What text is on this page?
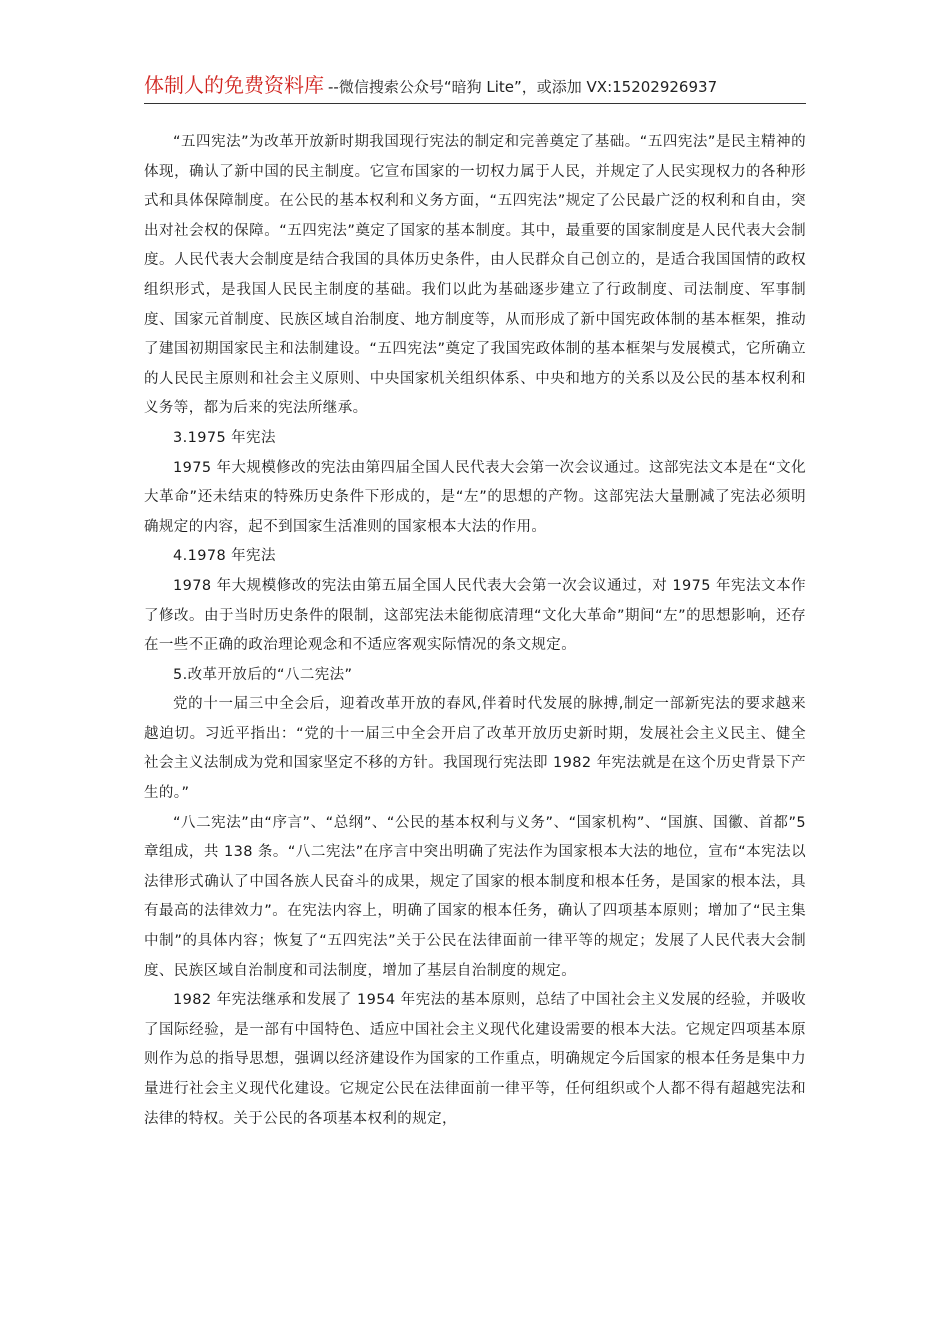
体制人的免费资料库 --微信搜索公众号“暗狗 Lite”，或添加 VX:15202926937

“五四宪法”为改革开放新时期我国现行宪法的制定和完善奠定了基础。“五四宪法”是民主精神的体现，确认了新中国的民主制度。它宣布国家的一切权力属于人民，并规定了人民实现权力的各种形式和具体保障制度。在公民的基本权利和义务方面，“五四宪法”规定了公民最广泛的权利和自由，突出对社会权的保障。“五四宪法”奠定了国家的基本制度。其中，最重要的国家制度是人民代表大会制度。人民代表大会制度是结合我国的具体历史条件，由人民群众自己创立的，是适合我国国情的政权组织形式，是我国人民民主制度的基础。我们以此为基础逐步建立了行政制度、司法制度、军事制度、国家元首制度、民族区域自治制度、地方制度等，从而形成了新中国宪政体制的基本框架，推动了建国初期国家民主和法制建设。“五四宪法”奠定了我国宪政体制的基本框架与发展模式，它所确立的人民民主原则和社会主义原则、中央国家机关组织体系、中央和地方的关系以及公民的基本权利和义务等，都为后来的宪法所继承。

3.1975 年宪法

1975 年大规模修改的宪法由第四届全国人民代表大会第一次会议通过。这部宪法文本是在“文化大革命”还未结束的特殊历史条件下形成的，是“左”的思想的产物。这部宪法大量删减了宪法必须明确规定的内容，起不到国家生活准则的国家根本大法的作用。

4.1978 年宪法

1978 年大规模修改的宪法由第五届全国人民代表大会第一次会议通过，对 1975 年宪法文本作了修改。由于当时历史条件的限制，这部宪法未能彻底清理“文化大革命”期间“左”的思想影响，还存在一些不正确的政治理论观念和不适应客观实际情况的条文规定。

5.改革开放后的“八二宪法”

党的十一届三中全会后，迎着改革开放的春风,伴着时代发展的脉搏,制定一部新宪法的要求越来越迫切。习近平指出：“党的十一届三中全会开启了改革开放历史新时期，发展社会主义民主、健全社会主义法制成为党和国家坚定不移的方针。我国现行宪法即 1982 年宪法就是在这个历史背景下产生的。”

“八二宪法”由“序言”、“总纲”、“公民的基本权利与义务”、“国家机构”、“国旗、国徽、首都”5 章组成，共 138 条。“八二宪法”在序言中突出明确了宪法作为国家根本大法的地位，宣布“本宪法以法律形式确认了中国各族人民奋斗的成果，规定了国家的根本制度和根本任务，是国家的根本法，具有最高的法律效力”。在宪法内容上，明确了国家的根本任务，确认了四项基本原则；增加了“民主集中制”的具体内容；恢复了“五四宪法”关于公民在法律面前一律平等的规定；发展了人民代表大会制度、民族区域自治制度和司法制度，增加了基层自治制度的规定。

1982 年宪法继承和发展了 1954 年宪法的基本原则，总结了中国社会主义发展的经验，并吸收了国际经验，是一部有中国特色、适应中国社会主义现代化建设需要的根本大法。它规定四项基本原则作为总的指导思想，强调以经济建设作为国家的工作重点，明确规定今后国家的根本任务是集中力量进行社会主义现代化建设。它规定公民在法律面前一律平等，任何组织或个人都不得有超越宪法和法律的特权。关于公民的各项基本权利的规定，
